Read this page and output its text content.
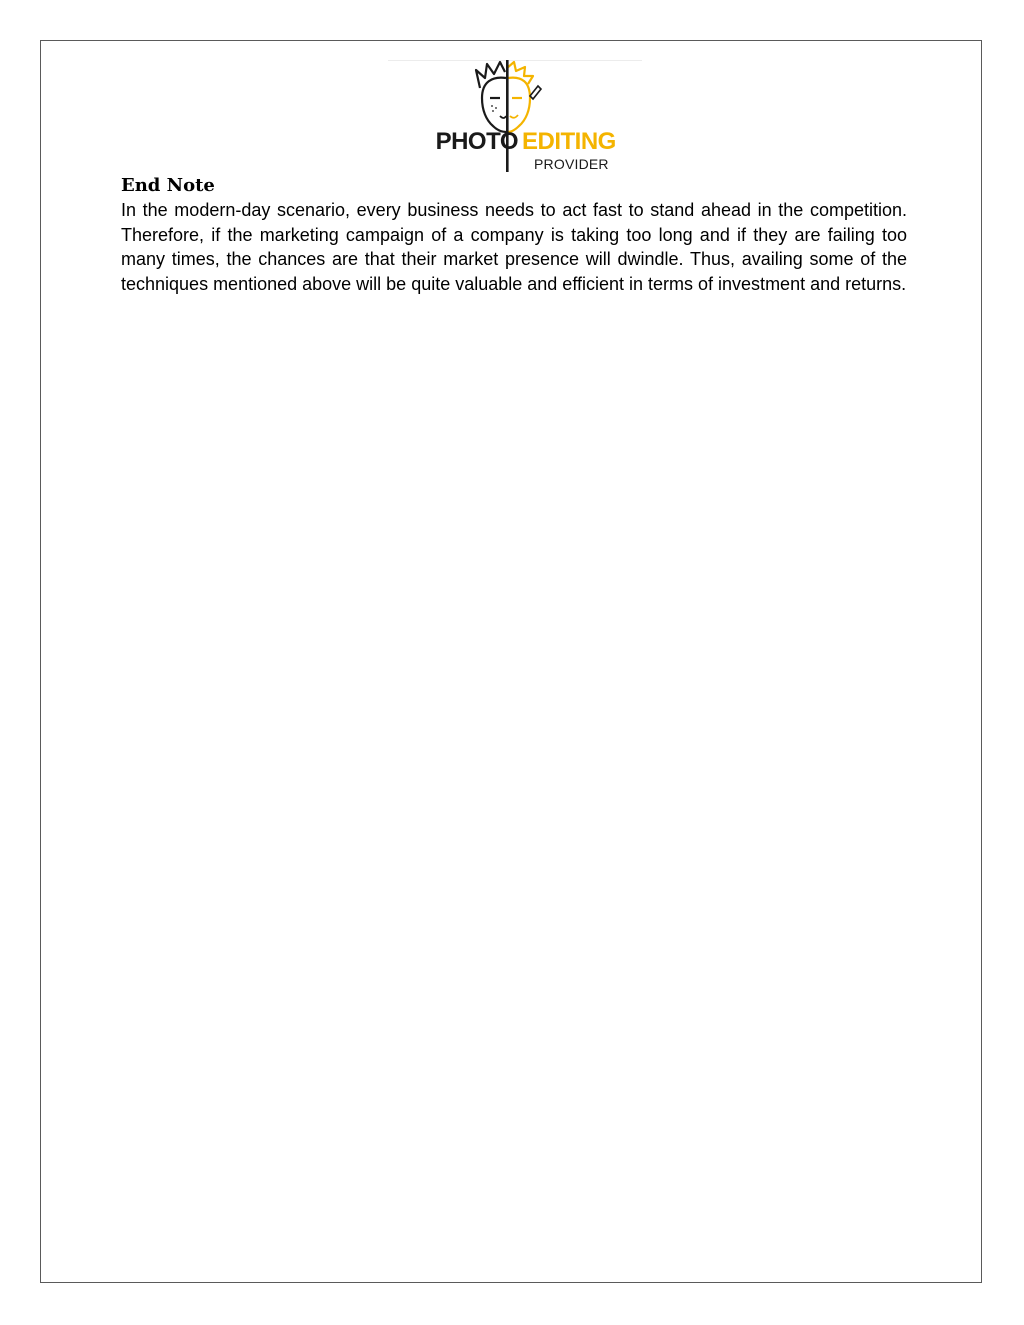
PHOTO EDITING
PROVIDER
End Note

In the modern-day scenario, every business needs to act fast to stand ahead in the competition. Therefore, if the marketing campaign of a company is taking too long and if they are failing too many times, the chances are that their market presence will dwindle. Thus, availing some of the techniques mentioned above will be quite valuable and efficient in terms of investment and returns.
